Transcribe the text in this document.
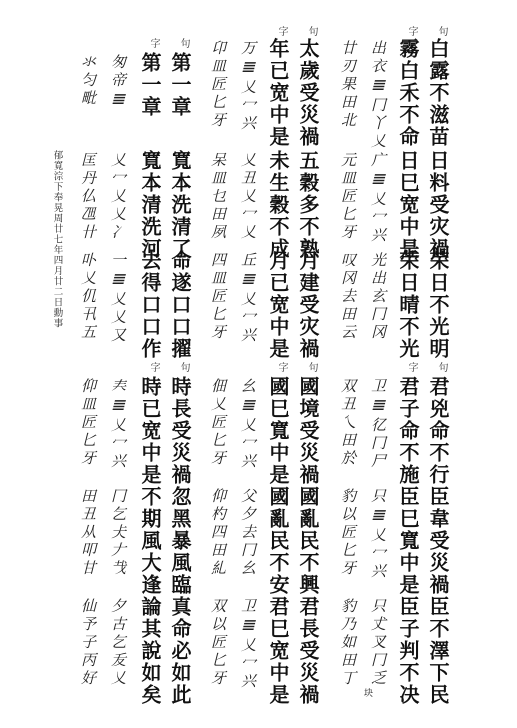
句
白露不滋苗
字
霧白禾不命
出衣𝌆冂丫乂
廿刃果田北
句
太歲受災禍
字
年已宽中是
万𝌆乂冖兴
卬皿匠匕牙
句
第一章
字
第一章
匆帝𝌆
氺匀毗
日料受灾禍
日巳宽中是
广𝌆乂冖兴
元皿匠匕牙
五穀多不熟
未生穀不成
乂丑乂冖乂
呆皿乜田夙
寬本洗清了
寬本清洗河
乂冖乂乂冫
匡丹仏乪卄
郁寬淙下奉晃周廿七年四月廿二日勳事	荣日不光明
荣日晴不光
光出玄冂冈
叹冈去田云
月建受灾禍
月已宽中是
丘𝌆乂冖兴
四皿匠匕牙
命遂口口擢
去得口口作
一𝌆乂乂又
卟乂仉卂五
句
君兇命不行
字
君子命不施
卫𝌆𢒼冂尸
双丑乀田於
句
國境受災禍
字
國巳寬中是
幺𝌆乂冖兴
佃乂匠匕牙
句
時長受災禍
字
時已宽中是
𡗗𝌆乂冖兴
仰皿匠匕牙
臣韋受災禍
臣巳寬中是
只𝌆乂冖兴
豹以匠匕牙
國亂民不興
國亂民不安
父夕去冂幺
仰杓四田糺
忽黑暴風臨
不期風大逢
冂乞仧𠂇𢦏
田丑从叩甘
臣不澤下民
臣子判不决
只𠀋叉冂乏
块
豹乃如田丁
君長受災禍
君巳宽中是
卫𝌆乂冖兴
双以匠匕牙
真命必如此
論其說如矣
夕古乞叐乂
仙予子丙好
